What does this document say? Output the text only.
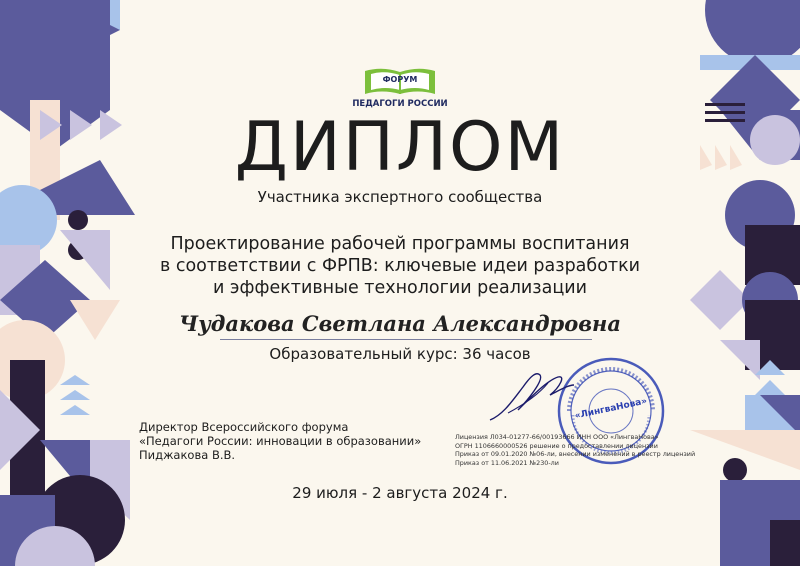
ФОРУМ
ПЕДАГОГИ РОССИИ
ДИПЛОМ
Участника экспертного сообщества
Проектирование рабочей программы воспитания
в соответствии с ФРПВ: ключевые идеи разработки
и эффективные технологии реализации
Чудакова Светлана Александровна
Образовательный курс: 36 часов
Директор Всероссийского форума
«Педагоги России: инновации в образовании»
Пиджакова В.В.
«ЛингваНова»
Лицензия Л034-01277-66/00193666 ИНН ООО «ЛингваНова»
ОГРН 1106660000526 решение о предоставлении лицензии
Приказ от 09.01.2020 №06-ли, внесении изменений в реестр лицензий
Приказ от 11.06.2021 №230-ли
29 июля - 2 августа 2024 г.
